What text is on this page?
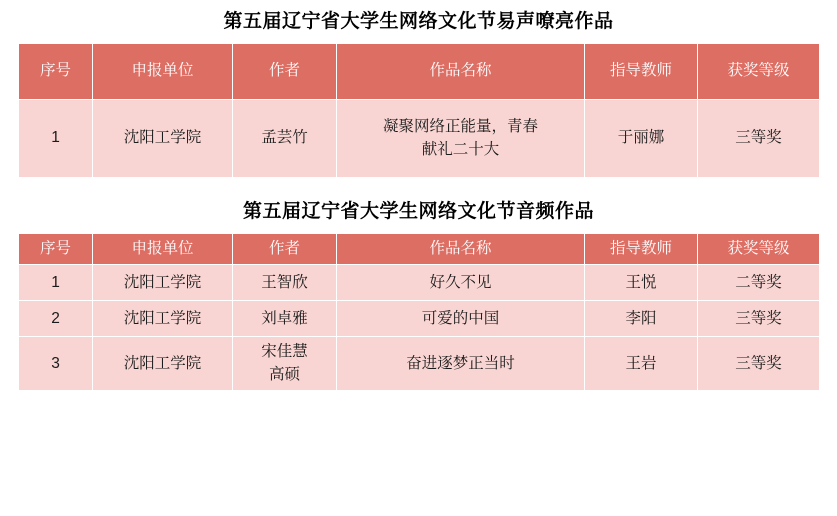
第五届辽宁省大学生网络文化节易声嘹亮作品
序号	申报单位	作者	作品名称	指导教师	获奖等级
1	沈阳工学院	孟芸竹	凝聚网络正能量，青春
献礼二十大	于丽娜	三等奖
第五届辽宁省大学生网络文化节音频作品
序号	申报单位	作者	作品名称	指导教师	获奖等级
1	沈阳工学院	王智欣	好久不见	王悦	二等奖
2	沈阳工学院	刘卓雅	可爱的中国	李阳	三等奖
3	沈阳工学院	宋佳慧
高硕	奋进逐梦正当时	王岩	三等奖
